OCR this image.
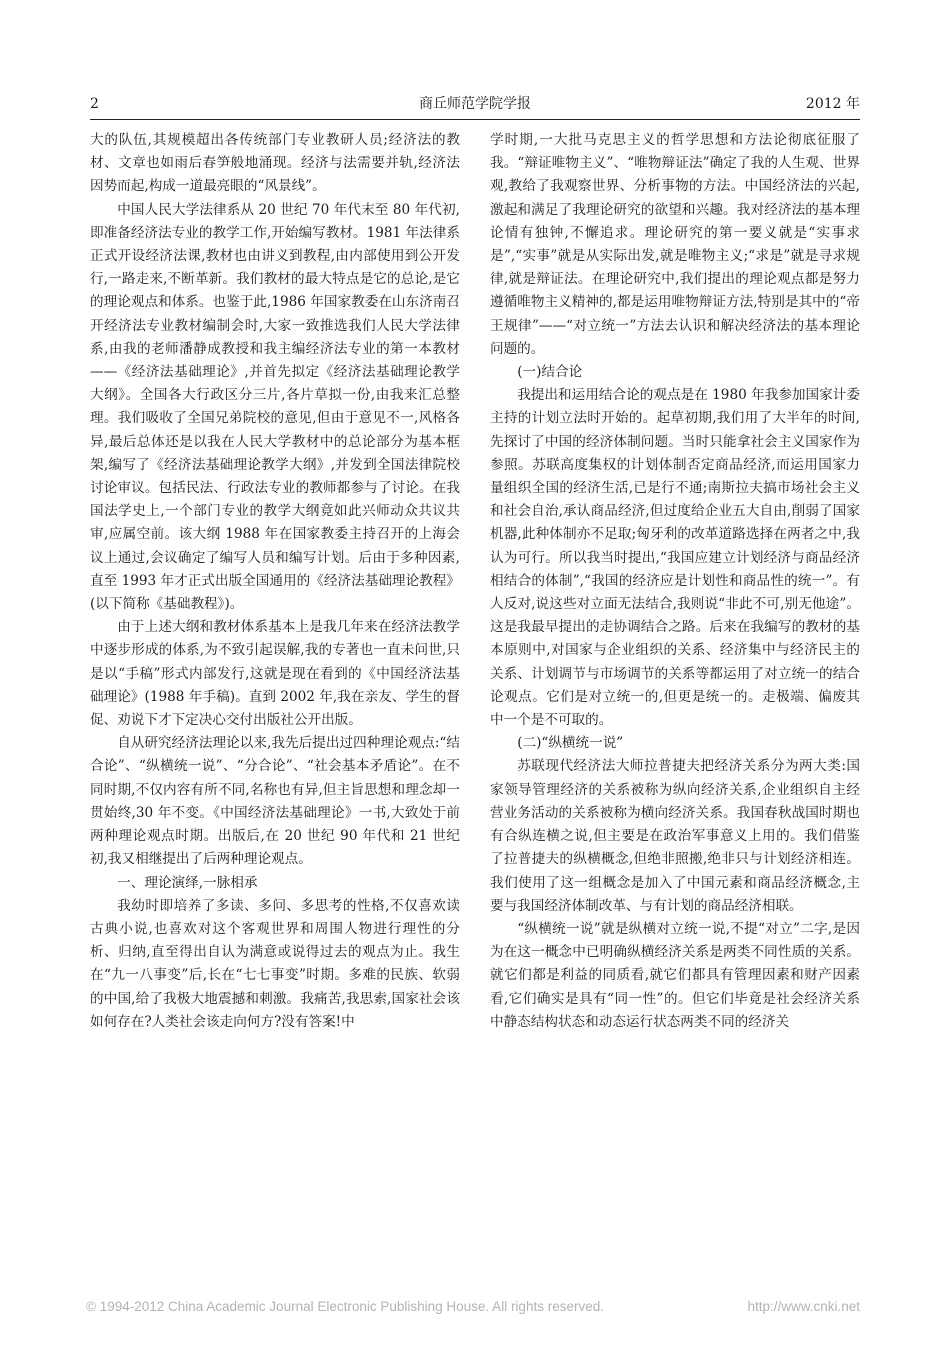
2	商丘师范学院学报	2012 年

大的队伍,其规模超出各传统部门专业教研人员;经济法的教材、文章也如雨后春笋般地涌现。经济与法需要并轨,经济法因势而起,构成一道最亮眼的“风景线”。

中国人民大学法律系从 20 世纪 70 年代末至 80 年代初,即准备经济法专业的教学工作,开始编写教材。1981 年法律系正式开设经济法课,教材也由讲义到教程,由内部使用到公开发行,一路走来,不断革新。我们教材的最大特点是它的总论,是它的理论观点和体系。也鉴于此,1986 年国家教委在山东济南召开经济法专业教材编制会时,大家一致推选我们人民大学法律系,由我的老师潘静成教授和我主编经济法专业的第一本教材——《经济法基础理论》,并首先拟定《经济法基础理论教学大纲》。全国各大行政区分三片,各片草拟一份,由我来汇总整理。我们吸收了全国兄弟院校的意见,但由于意见不一,风格各异,最后总体还是以我在人民大学教材中的总论部分为基本框架,编写了《经济法基础理论教学大纲》,并发到全国法律院校讨论审议。包括民法、行政法专业的教师都参与了讨论。在我国法学史上,一个部门专业的教学大纲竟如此兴师动众共议共审,应属空前。该大纲 1988 年在国家教委主持召开的上海会议上通过,会议确定了编写人员和编写计划。后由于多种因素,直至 1993 年才正式出版全国通用的《经济法基础理论教程》(以下简称《基础教程》)。

由于上述大纲和教材体系基本上是我几年来在经济法教学中逐步形成的体系,为不致引起误解,我的专著也一直未问世,只是以“手稿”形式内部发行,这就是现在看到的《中国经济法基础理论》(1988 年手稿)。直到 2002 年,我在亲友、学生的督促、劝说下才下定决心交付出版社公开出版。

自从研究经济法理论以来,我先后提出过四种理论观点:“结合论”、“纵横统一说”、“分合论”、“社会基本矛盾论”。在不同时期,不仅内容有所不同,名称也有异,但主旨思想和理念却一贯始终,30 年不变。《中国经济法基础理论》一书,大致处于前两种理论观点时期。出版后,在 20 世纪 90 年代和 21 世纪初,我又相继提出了后两种理论观点。

一、理论演绎,一脉相承

我幼时即培养了多读、多问、多思考的性格,不仅喜欢读古典小说,也喜欢对这个客观世界和周围人物进行理性的分析、归纳,直至得出自认为满意或说得过去的观点为止。我生在“九一八事变”后,长在“七七事变”时期。多难的民族、软弱的中国,给了我极大地震撼和刺激。我痛苦,我思索,国家社会该如何存在?人类社会该走向何方?没有答案!中

学时期,一大批马克思主义的哲学思想和方法论彻底征服了我。“辩证唯物主义”、“唯物辩证法”确定了我的人生观、世界观,教给了我观察世界、分析事物的方法。中国经济法的兴起,激起和满足了我理论研究的欲望和兴趣。我对经济法的基本理论情有独钟,不懈追求。理论研究的第一要义就是“实事求是”,“实事”就是从实际出发,就是唯物主义;“求是”就是寻求规律,就是辩证法。在理论研究中,我们提出的理论观点都是努力遵循唯物主义精神的,都是运用唯物辩证方法,特别是其中的“帝王规律”——“对立统一”方法去认识和解决经济法的基本理论问题的。

(一)结合论

我提出和运用结合论的观点是在 1980 年我参加国家计委主持的计划立法时开始的。起草初期,我们用了大半年的时间,先探讨了中国的经济体制问题。当时只能拿社会主义国家作为参照。苏联高度集权的计划体制否定商品经济,而运用国家力量组织全国的经济生活,已是行不通;南斯拉夫搞市场社会主义和社会自治,承认商品经济,但过度给企业五大自由,削弱了国家机器,此种体制亦不足取;匈牙利的改革道路选择在两者之中,我认为可行。所以我当时提出,“我国应建立计划经济与商品经济相结合的体制”,“我国的经济应是计划性和商品性的统一”。有人反对,说这些对立面无法结合,我则说“非此不可,别无他途”。这是我最早提出的走协调结合之路。后来在我编写的教材的基本原则中,对国家与企业组织的关系、经济集中与经济民主的关系、计划调节与市场调节的关系等都运用了对立统一的结合论观点。它们是对立统一的,但更是统一的。走极端、偏废其中一个是不可取的。

(二)“纵横统一说”

苏联现代经济法大师拉普捷夫把经济关系分为两大类:国家领导管理经济的关系被称为纵向经济关系,企业组织自主经营业务活动的关系被称为横向经济关系。我国春秋战国时期也有合纵连横之说,但主要是在政治军事意义上用的。我们借鉴了拉普捷夫的纵横概念,但绝非照搬,绝非只与计划经济相连。我们使用了这一组概念是加入了中国元素和商品经济概念,主要与我国经济体制改革、与有计划的商品经济相联。

“纵横统一说”就是纵横对立统一说,不提“对立”二字,是因为在这一概念中已明确纵横经济关系是两类不同性质的关系。就它们都是利益的同质看,就它们都具有管理因素和财产因素看,它们确实是具有“同一性”的。但它们毕竟是社会经济关系中静态结构状态和动态运行状态两类不同的经济关

© 1994-2012 China Academic Journal Electronic Publishing House. All rights reserved.	http://www.cnki.net
